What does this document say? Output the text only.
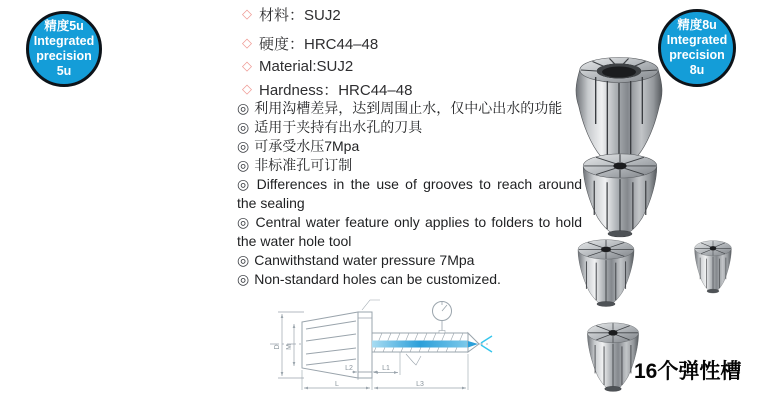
精度5u
Integrated
precision
5u
精度8u
Integrated
precision
8u
◇ 材料：SUJ2
◇ 硬度：HRC44–48
◇ Material:SUJ2
◇ Hardness：HRC44–48
◎ 利用沟槽差异，达到周围止水，仅中心出水的功能
◎ 适用于夹持有出水孔的刀具
◎ 可承受水压7Mpa
◎ 非标准孔可订制
◎ Differences in the use of grooves to reach around the sealing
◎ Central water feature only applies to folders to hold the water hole tool
◎ Canwithstand water pressure 7Mpa
◎ Non-standard holes can be customized.
D M
L2	L1
L	L3
16个弹性槽
